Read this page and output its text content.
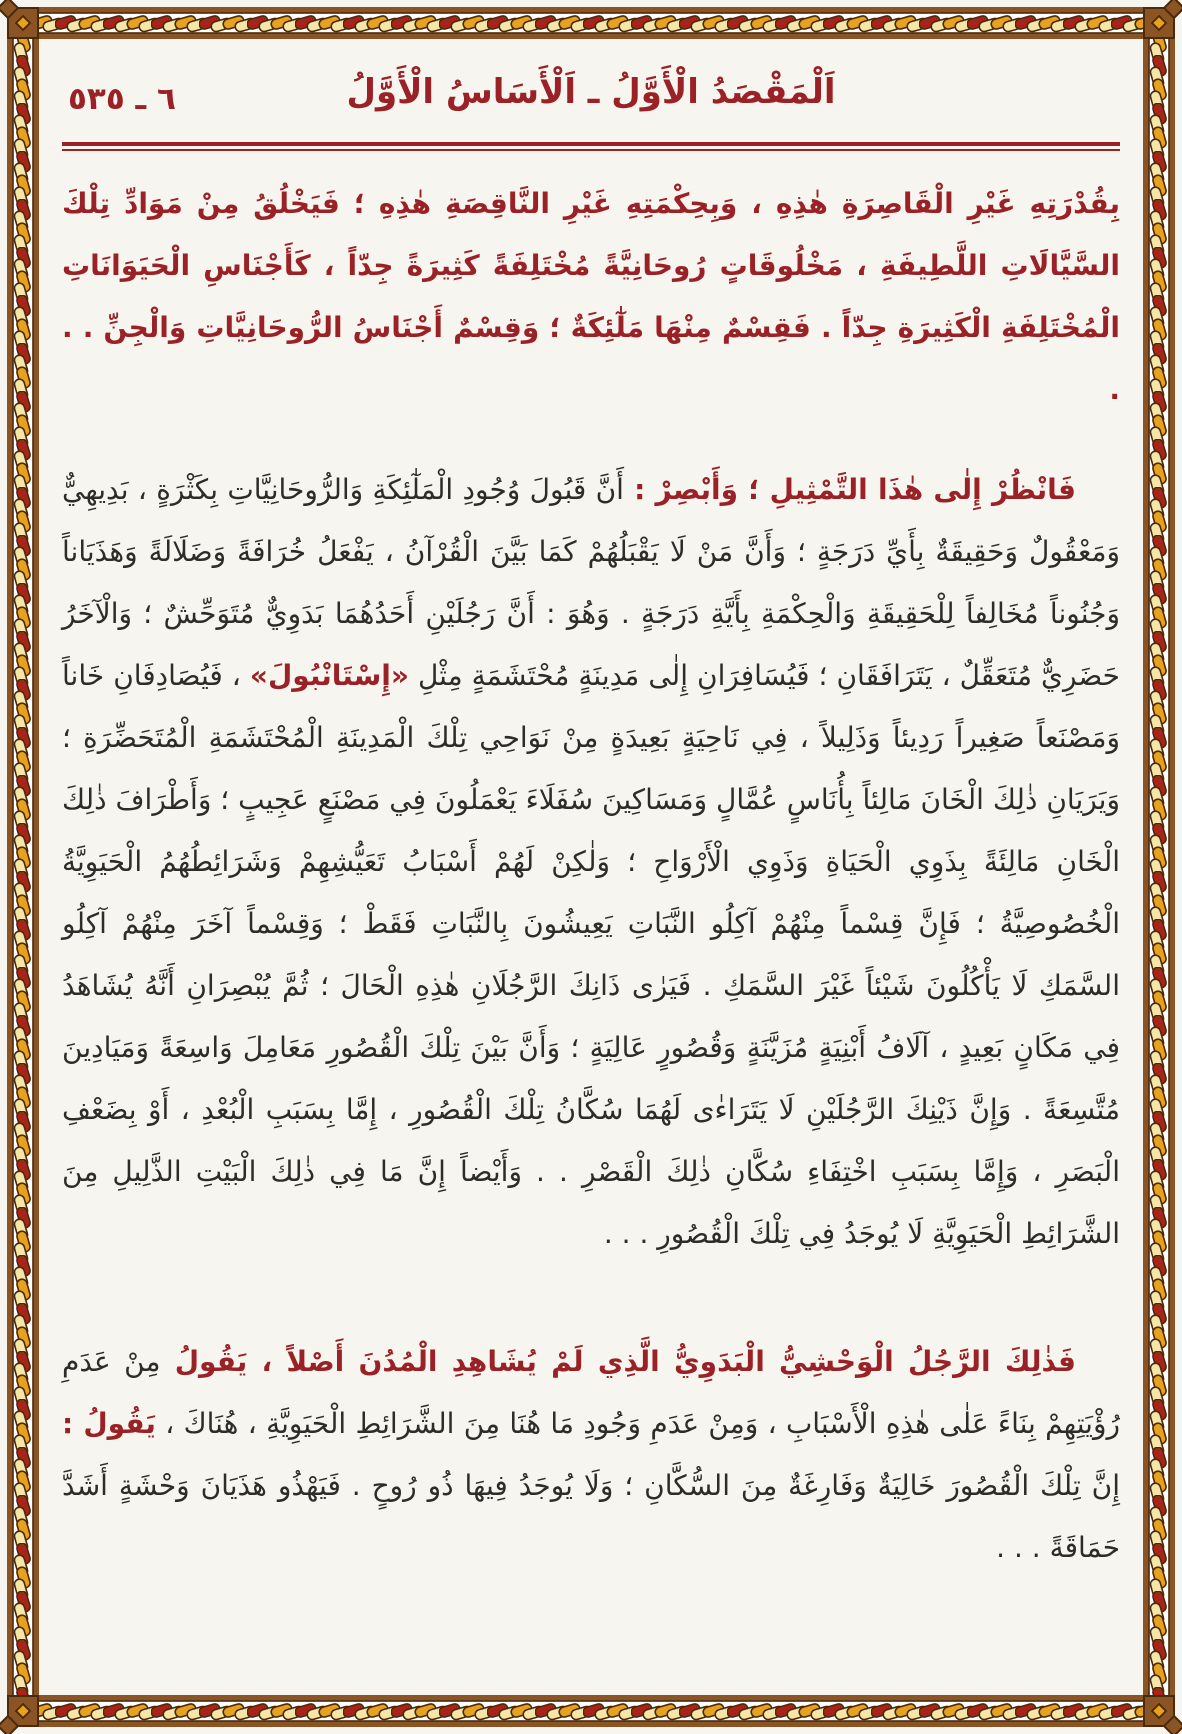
٦ ـ ٥٣٥	اَلْمَقْصَدُ الْأَوَّلُ ـ اَلْأَسَاسُ الْأَوَّلُ

بِقُدْرَتِهِ غَيْرِ الْقَاصِرَةِ هٰذِهِ ، وَبِحِكْمَتِهِ غَيْرِ النَّاقِصَةِ هٰذِهِ ؛ فَيَخْلُقُ مِنْ مَوَادِّ تِلْكَ السَّيَّالَاتِ اللَّطِيفَةِ ، مَخْلُوقَاتٍ رُوحَانِيَّةً مُخْتَلِفَةً كَثِيرَةً جِدّاً ، كَأَجْنَاسِ الْحَيَوَانَاتِ الْمُخْتَلِفَةِ الْكَثِيرَةِ جِدّاً . فَقِسْمٌ مِنْهَا مَلٰٓئِكَةٌ ؛ وَقِسْمٌ أَجْنَاسُ الرُّوحَانِيَّاتِ وَالْجِنِّ . . .

فَانْظُرْ إِلٰى هٰذَا التَّمْثِيلِ ؛ وَأَبْصِرْ : أَنَّ قَبُولَ وُجُودِ الْمَلٰٓئِكَةِ وَالرُّوحَانِيَّاتِ بِكَثْرَةٍ ، بَدِيهِيٌّ وَمَعْقُولٌ وَحَقِيقَةٌ بِأَيِّ دَرَجَةٍ ؛ وَأَنَّ مَنْ لَا يَقْبَلُهُمْ كَمَا بَيَّنَ الْقُرْآنُ ، يَفْعَلُ خُرَافَةً وَضَلَالَةً وَهَذَيَاناً وَجُنُوناً مُخَالِفاً لِلْحَقِيقَةِ وَالْحِكْمَةِ بِأَيَّةِ دَرَجَةٍ . وَهُوَ : أَنَّ رَجُلَيْنِ أَحَدُهُمَا بَدَوِيٌّ مُتَوَحِّشٌ ؛ وَالْآخَرُ حَضَرِيٌّ مُتَعَقِّلٌ ، يَتَرَافَقَانِ ؛ فَيُسَافِرَانِ إِلٰى مَدِينَةٍ مُحْتَشَمَةٍ مِثْلِ «إِسْتَانْبُولَ» ، فَيُصَادِفَانِ خَاناً وَمَصْنَعاً صَغِيراً رَدِيئاً وَذَلِيلاً ، فِي نَاحِيَةٍ بَعِيدَةٍ مِنْ نَوَاحِي تِلْكَ الْمَدِينَةِ الْمُحْتَشَمَةِ الْمُتَحَضِّرَةِ ؛ وَيَرَيَانِ ذٰلِكَ الْخَانَ مَالِئاً بِأُنَاسٍ عُمَّالٍ وَمَسَاكِينَ سُفَلَاءَ يَعْمَلُونَ فِي مَصْنَعٍ عَجِيبٍ ؛ وَأَطْرَافَ ذٰلِكَ الْخَانِ مَالِئَةً بِذَوِي الْحَيَاةِ وَذَوِي الْأَرْوَاحِ ؛ وَلٰكِنْ لَهُمْ أَسْبَابُ تَعَيُّشِهِمْ وَشَرَائِطُهُمُ الْحَيَوِيَّةُ الْخُصُوصِيَّةُ ؛ فَإِنَّ قِسْماً مِنْهُمْ آكِلُو النَّبَاتِ يَعِيشُونَ بِالنَّبَاتِ فَقَطْ ؛ وَقِسْماً آخَرَ مِنْهُمْ آكِلُو السَّمَكِ لَا يَأْكُلُونَ شَيْئاً غَيْرَ السَّمَكِ . فَيَرٰى ذَانِكَ الرَّجُلَانِ هٰذِهِ الْحَالَ ؛ ثُمَّ يُبْصِرَانِ أَنَّهُ يُشَاهَدُ فِي مَكَانٍ بَعِيدٍ ، آلَافُ أَبْنِيَةٍ مُزَيَّنَةٍ وَقُصُورٍ عَالِيَةٍ ؛ وَأَنَّ بَيْنَ تِلْكَ الْقُصُورِ مَعَامِلَ وَاسِعَةً وَمَيَادِينَ مُتَّسِعَةً . وَإِنَّ ذَيْنِكَ الرَّجُلَيْنِ لَا يَتَرَاءٰى لَهُمَا سُكَّانُ تِلْكَ الْقُصُورِ ، إِمَّا بِسَبَبِ الْبُعْدِ ، أَوْ بِضَعْفِ الْبَصَرِ ، وَإِمَّا بِسَبَبِ اخْتِفَاءِ سُكَّانِ ذٰلِكَ الْقَصْرِ . . وَأَيْضاً إِنَّ مَا فِي ذٰلِكَ الْبَيْتِ الذَّلِيلِ مِنَ الشَّرَائِطِ الْحَيَوِيَّةِ لَا يُوجَدُ فِي تِلْكَ الْقُصُورِ . . .

فَذٰلِكَ الرَّجُلُ الْوَحْشِيُّ الْبَدَوِيُّ الَّذِي لَمْ يُشَاهِدِ الْمُدُنَ أَصْلاً ، يَقُولُ مِنْ عَدَمِ رُؤْيَتِهِمْ بِنَاءً عَلٰى هٰذِهِ الْأَسْبَابِ ، وَمِنْ عَدَمِ وَجُودِ مَا هُنَا مِنَ الشَّرَائِطِ الْحَيَوِيَّةِ ، هُنَاكَ ، يَقُولُ : إِنَّ تِلْكَ الْقُصُورَ خَالِيَةٌ وَفَارِغَةٌ مِنَ السُّكَّانِ ؛ وَلَا يُوجَدُ فِيهَا ذُو رُوحٍ . فَيَهْذُو هَذَيَانَ وَحْشَةٍ أَشَدَّ حَمَاقَةً . . .
